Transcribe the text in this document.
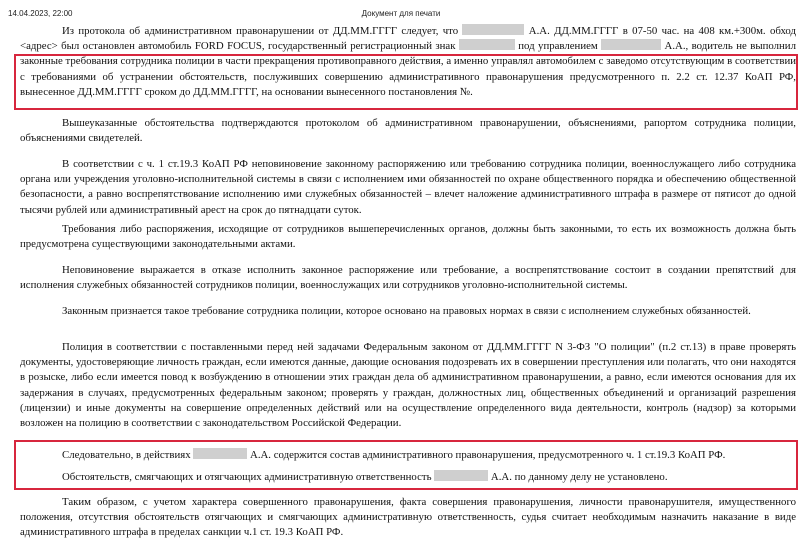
14.04.2023, 22:00	Документ для печати
Из протокола об административном правонарушении от ДД.ММ.ГГГГ следует, что	А.А. ДД.ММ.ГГГГ в 07-50 час. на 408 км.+300м. обход <адрес> был остановлен автомобиль FORD FOCUS, государственный регистрационный знак	под управлением	А.А., водитель не выполнил законные требования сотрудника полиции в части прекращения противоправного действия, а именно управлял автомобилем с заведомо отсутствующим в соответствии с требованиями об устранении обстоятельств, послуживших совершению административного правонарушения предусмотренного п. 2.2 ст. 12.37 КоАП РФ, вынесенное ДД.ММ.ГГГГ сроком до ДД.ММ.ГГГГ, на основании вынесенного постановления №.
Вышеуказанные обстоятельства подтверждаются протоколом об административном правонарушении, объяснениями, рапортом сотрудника полиции, объяснениями свидетелей.
В соответствии с ч. 1 ст.19.3 КоАП РФ неповиновение законному распоряжению или требованию сотрудника полиции, военнослужащего либо сотрудника органа или учреждения уголовно-исполнительной системы в связи с исполнением ими обязанностей по охране общественного порядка и обеспечению общественной безопасности, а равно воспрепятствование исполнению ими служебных обязанностей – влечет наложение административного штрафа в размере от пятисот до одной тысячи рублей или административный арест на срок до пятнадцати суток.
Требования либо распоряжения, исходящие от сотрудников вышеперечисленных органов, должны быть законными, то есть их возможность должна быть предусмотрена существующими законодательными актами.
Неповиновение выражается в отказе исполнить законное распоряжение или требование, а воспрепятствование состоит в создании препятствий для исполнения служебных обязанностей сотрудников полиции, военнослужащих или сотрудников уголовно-исполнительной системы.
Законным признается такое требование сотрудника полиции, которое основано на правовых нормах в связи с исполнением служебных обязанностей.
Полиция в соответствии с поставленными перед ней задачами Федеральным законом от ДД.ММ.ГГГГ N 3-ФЗ "О полиции" (п.2 ст.13) в праве проверять документы, удостоверяющие личность граждан, если имеются данные, дающие основания подозревать их в совершении преступления или полагать, что они находятся в розыске, либо если имеется повод к возбуждению в отношении этих граждан дела об административном правонарушении, а равно, если имеются основания для их задержания в случаях, предусмотренных федеральным законом; проверять у граждан, должностных лиц, общественных объединений и организаций разрешения (лицензии) и иные документы на совершение определенных действий или на осуществление определенного вида деятельности, контроль (надзор) за которыми возложен на полицию в соответствии с законодательством Российской Федерации.
Следовательно, в действиях	А.А. содержится состав административного правонарушения, предусмотренного ч. 1 ст.19.3 КоАП РФ.
Обстоятельств, смягчающих и отягчающих административную ответственность	А.А. по данному делу не установлено.
Таким образом, с учетом характера совершенного правонарушения, факта совершения правонарушения, личности правонарушителя, имущественного положения, отсутствия обстоятельств отягчающих и смягчающих административную ответственность, судья считает необходимым назначить наказание в виде административного штрафа в пределах санкции ч.1 ст. 19.3 КоАП РФ.
